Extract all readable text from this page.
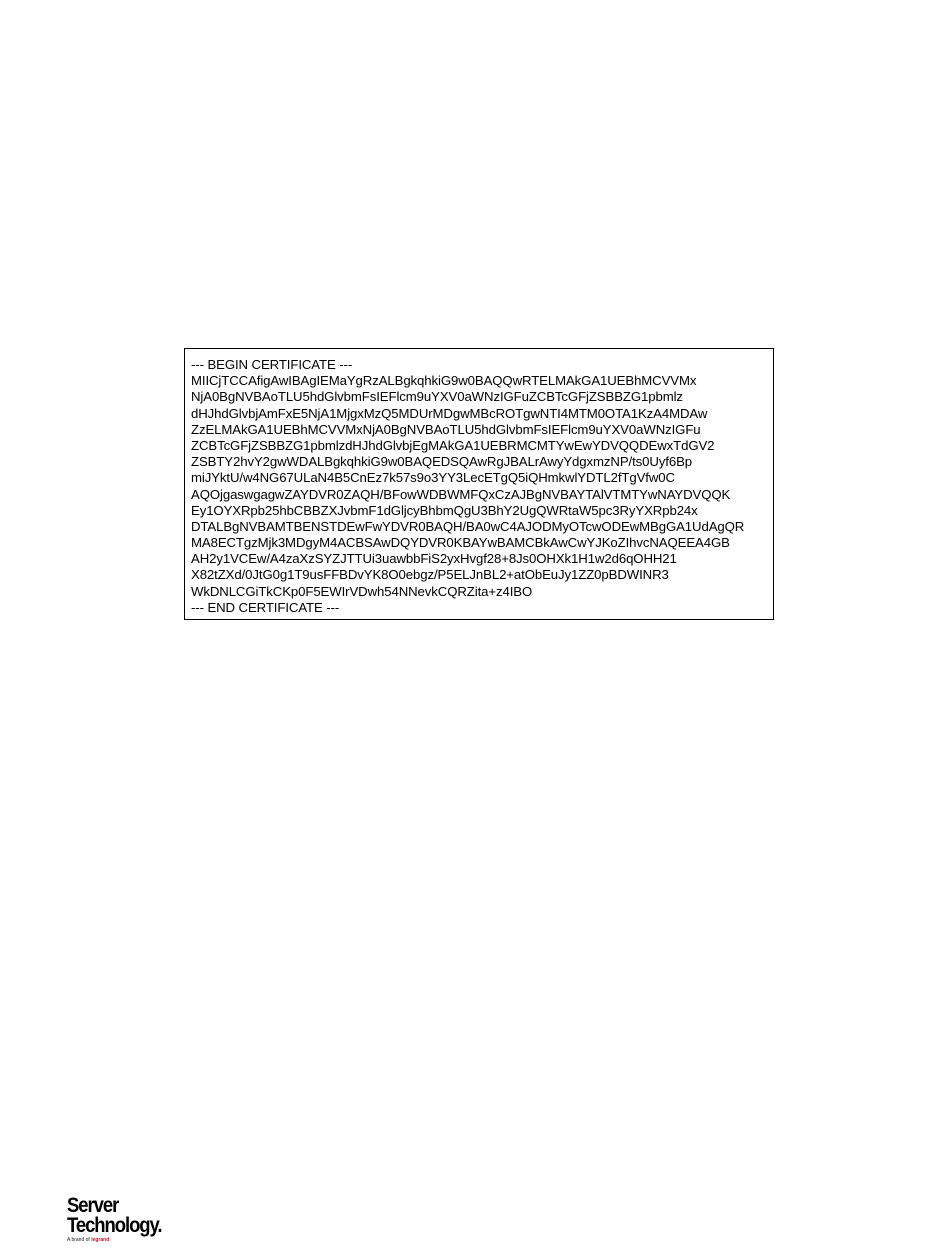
--- BEGIN CERTIFICATE ---
MIICjTCCAfigAwIBAgIEMaYgRzALBgkqhkiG9w0BAQQwRTELMAkGA1UEBhMCVVMx
NjA0BgNVBAoTLU5hdGlvbmFsIEFlcm9uYXV0aWNzIGFuZCBTcGFjZSBBZG1pbmlz
dHJhdGlvbjAmFxE5NjA1MjgxMzQ5MDUrMDgwMBcROTgwNTI4MTM0OTA1KzA4MDAw
ZzELMAkGA1UEBhMCVVMxNjA0BgNVBAoTLU5hdGlvbmFsIEFlcm9uYXV0aWNzIGFu
ZCBTcGFjZSBBZG1pbmlzdHJhdGlvbjEgMAkGA1UEBRMCMTYwEwYDVQQDEwxTdGV2
ZSBTY2hvY2gwWDALBgkqhkiG9w0BAQEDSQAwRgJBALrAwyYdgxmzNP/ts0Uyf6Bp
miJYktU/w4NG67ULaN4B5CnEz7k57s9o3YY3LecETgQ5iQHmkwlYDTL2fTgVfw0C
AQOjgaswgagwZAYDVR0ZAQH/BFowWDBWMFQxCzAJBgNVBAYTAlVTMTYwNAYDVQQK
Ey1OYXRpb25hbCBBZXJvbmF1dGljcyBhbmQgU3BhY2UgQWRtaW5pc3RyYXRpb24x
DTALBgNVBAMTBENSTDEwFwYDVR0BAQH/BA0wC4AJODMyOTcwODEwMBgGA1UdAgQR
MA8ECTgzMjk3MDgyM4ACBSAwDQYDVR0KBAYwBAMCBkAwCwYJKoZIhvcNAQEEA4GB
AH2y1VCEw/A4zaXzSYZJTTUi3uawbbFiS2yxHvgf28+8Js0OHXk1H1w2d6qOHH21
X82tZXd/0JtG0g1T9usFFBDvYK8O0ebgz/P5ELJnBL2+atObEuJy1ZZ0pBDWINR3
WkDNLCGiTkCKp0F5EWIrVDwh54NNevkCQRZita+z4IBO
--- END CERTIFICATE ---
Server
Technology.
A brand of legrand
